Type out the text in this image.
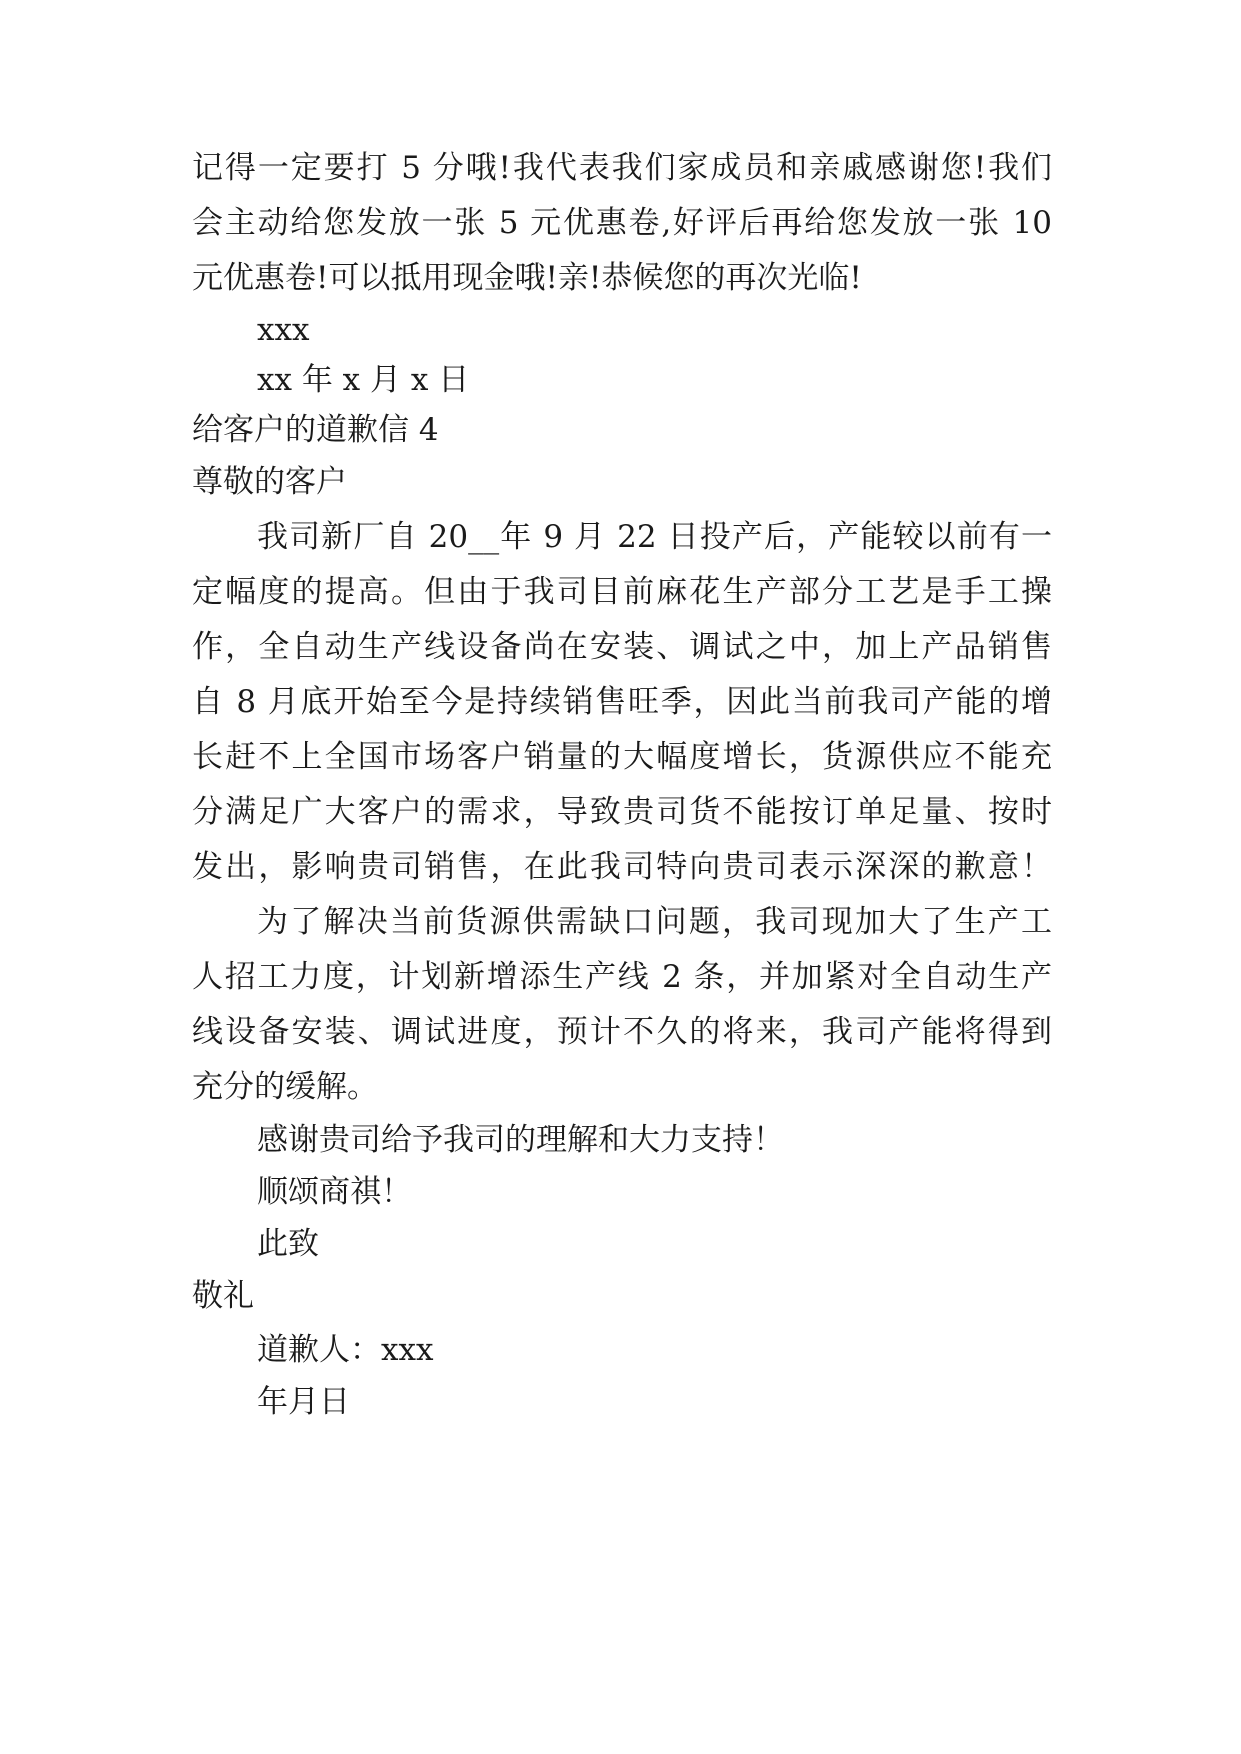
记得一定要打 5 分哦!我代表我们家成员和亲戚感谢您!我们
会主动给您发放一张 5 元优惠卷,好评后再给您发放一张 10
元优惠卷!可以抵用现金哦!亲!恭候您的再次光临!
xxx
xx 年 x 月 x 日
给客户的道歉信 4
尊敬的客户
我司新厂自 20__年 9 月 22 日投产后，产能较以前有一
定幅度的提高。但由于我司目前麻花生产部分工艺是手工操
作，全自动生产线设备尚在安装、调试之中，加上产品销售
自 8 月底开始至今是持续销售旺季，因此当前我司产能的增
长赶不上全国市场客户销量的大幅度增长，货源供应不能充
分满足广大客户的需求，导致贵司货不能按订单足量、按时
发出，影响贵司销售，在此我司特向贵司表示深深的歉意！
为了解决当前货源供需缺口问题，我司现加大了生产工
人招工力度，计划新增添生产线 2 条，并加紧对全自动生产
线设备安装、调试进度，预计不久的将来，我司产能将得到
充分的缓解。
感谢贵司给予我司的理解和大力支持！
顺颂商祺！
此致
敬礼
道歉人：xxx
年月日
